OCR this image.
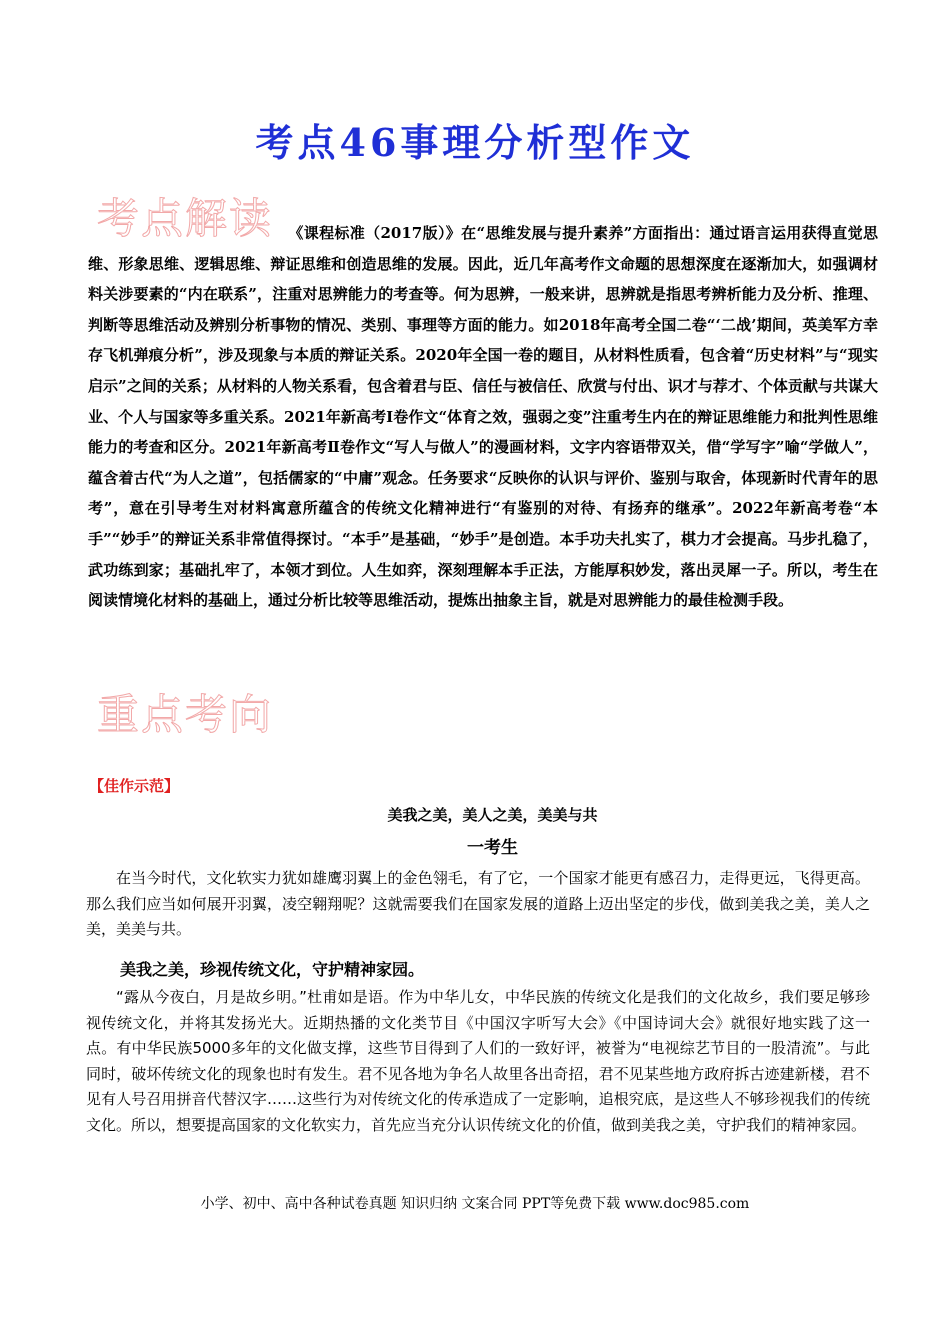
考点46事理分析型作文
考点解读 《课程标准（2017版）》在“思维发展与提升素养”方面指出：通过语言运用获得直觉思维、形象思维、逻辑思维、辩证思维和创造思维的发展。因此，近几年高考作文命题的思想深度在逐渐加大，如强调材料关涉要素的“内在联系”，注重对思辨能力的考查等。何为思辨，一般来讲，思辨就是指思考辨析能力及分析、推理、判断等思维活动及辨别分析事物的情况、类别、事理等方面的能力。如2018年高考全国二卷“‘二战’期间，英美军方幸存飞机弹痕分析”，涉及现象与本质的辩证关系。2020年全国一卷的题目，从材料性质看，包含着“历史材料”与“现实启示”之间的关系；从材料的人物关系看，包含着君与臣、信任与被信任、欣赏与付出、识才与荐才、个体贡献与共谋大业、个人与国家等多重关系。2021年新高考I卷作文“体育之效，强弱之变”注重考生内在的辩证思维能力和批判性思维能力的考查和区分。2021年新高考Ⅱ卷作文“写人与做人”的漫画材料，文字内容语带双关，借“学写字”喻“学做人”，蕴含着古代“为人之道”，包括儒家的“中庸”观念。任务要求“反映你的认识与评价、鉴别与取舍，体现新时代青年的思考”，意在引导考生对材料寓意所蕴含的传统文化精神进行“有鉴别的对待、有扬弃的继承”。2022年新高考卷“本手”“妙手”的辩证关系非常值得探讨。“本手”是基础，“妙手”是创造。本手功夫扎实了，棋力才会提高。马步扎稳了，武功练到家；基础扎牢了，本领才到位。人生如弈，深刻理解本手正法，方能厚积妙发，落出灵犀一子。所以，考生在阅读情境化材料的基础上，通过分析比较等思维活动，提炼出抽象主旨，就是对思辨能力的最佳检测手段。

重点考向
【佳作示范】
美我之美，美人之美，美美与共
一考生

在当今时代，文化软实力犹如雄鹰羽翼上的金色翎毛，有了它，一个国家才能更有感召力，走得更远，飞得更高。那么我们应当如何展开羽翼，凌空翱翔呢？这就需要我们在国家发展的道路上迈出坚定的步伐，做到美我之美，美人之美，美美与共。

美我之美，珍视传统文化，守护精神家园。

“露从今夜白，月是故乡明。”杜甫如是语。作为中华儿女，中华民族的传统文化是我们的文化故乡，我们要足够珍视传统文化，并将其发扬光大。近期热播的文化类节目《中国汉字听写大会》《中国诗词大会》就很好地实践了这一点。有中华民族5000多年的文化做支撑，这些节目得到了人们的一致好评，被誉为“电视综艺节目的一股清流”。与此同时，破坏传统文化的现象也时有发生。君不见各地为争名人故里各出奇招，君不见某些地方政府拆古迹建新楼，君不见有人号召用拼音代替汉字……这些行为对传统文化的传承造成了一定影响，追根究底，是这些人不够珍视我们的传统文化。所以，想要提高国家的文化软实力，首先应当充分认识传统文化的价值，做到美我之美，守护我们的精神家园。

小学、初中、高中各种试卷真题 知识归纳 文案合同 PPT等免费下载 www.doc985.com
